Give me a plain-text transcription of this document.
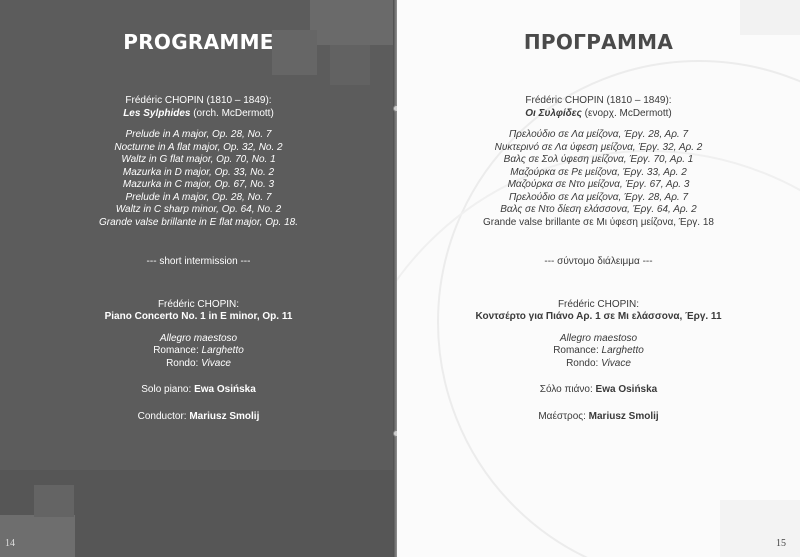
PROGRAMME
Frédéric CHOPIN (1810 – 1849):
Les Sylphides (orch. McDermott)
Prelude in A major, Op. 28, No. 7
Nocturne in A flat major, Op. 32, No. 2
Waltz in G flat major, Op. 70, No. 1
Mazurka in D major, Op. 33, No. 2
Mazurka in C major, Op. 67, No. 3
Prelude in A major, Op. 28, No. 7
Waltz in C sharp minor, Op. 64, No. 2
Grande valse brillante in E flat major, Op. 18.
--- short intermission ---
Frédéric CHOPIN:
Piano Concerto No. 1 in E minor, Op. 11
Allegro maestoso
Romance: Larghetto
Rondo: Vivace
Solo piano: Ewa Osińska
Conductor: Mariusz Smolij
14
ΠΡΟΓΡΑΜΜΑ
Frédéric CHOPIN (1810 – 1849):
Οι Συλφίδες (ενορχ. McDermott)
Πρελούδιο σε Λα μείζονα, Έργ. 28, Αρ. 7
Νυκτερινό σε Λα ύφεση μείζονα, Έργ. 32, Αρ. 2
Βαλς σε Σολ ύφεση μείζονα, Έργ. 70, Αρ. 1
Μαζούρκα σε Ρε μείζονα, Έργ. 33, Αρ. 2
Μαζούρκα σε Ντο μείζονα, Έργ. 67, Αρ. 3
Πρελούδιο σε Λα μείζονα, Έργ. 28, Αρ. 7
Βαλς σε Ντο δίεση ελάσσονα, Έργ. 64, Αρ. 2
Grande valse brillante σε Μι ύφεση μείζονα, Έργ. 18
--- σύντομο διάλειμμα ---
Frédéric CHOPIN:
Κοντσέρτο για Πιάνο Αρ. 1 σε Μι ελάσσονα, Έργ. 11
Allegro maestoso
Romance: Larghetto
Rondo: Vivace
Σόλο πιάνο: Ewa Osińska
Μαέστρος: Mariusz Smolij
15
